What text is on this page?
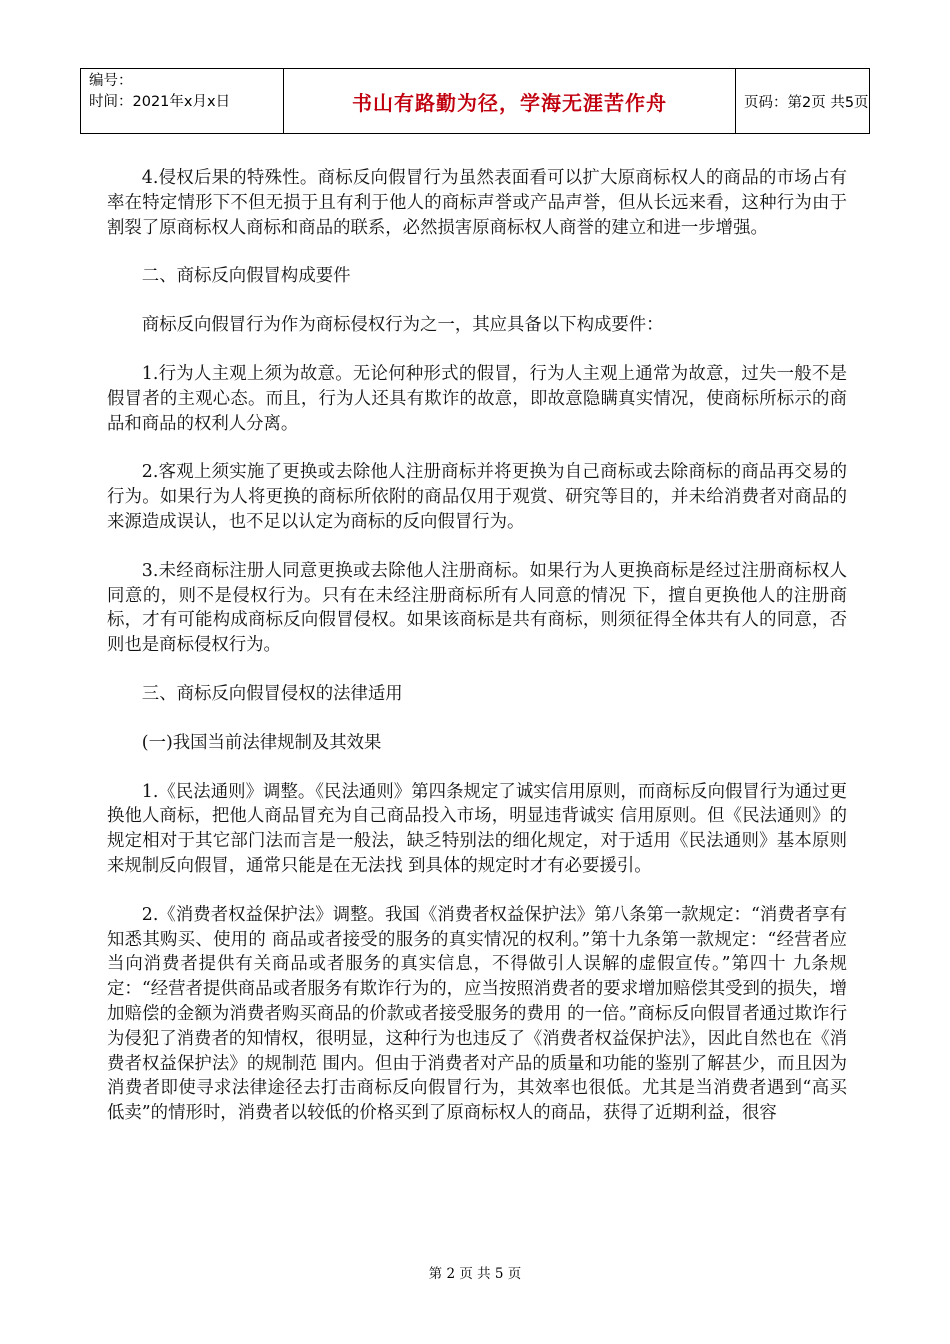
编号：
时间：2021年x月x日	书山有路勤为径，学海无涯苦作舟	页码：第2页 共5页

4.侵权后果的特殊性。商标反向假冒行为虽然表面看可以扩大原商标权人的商品的市场占有率在特定情形下不但无损于且有利于他人的商标声誉或产品声誉，但从长远来看，这种行为由于割裂了原商标权人商标和商品的联系，必然损害原商标权人商誉的建立和进一步增强。

二、商标反向假冒构成要件

商标反向假冒行为作为商标侵权行为之一，其应具备以下构成要件：

1.行为人主观上须为故意。无论何种形式的假冒，行为人主观上通常为故意，过失一般不是假冒者的主观心态。而且，行为人还具有欺诈的故意，即故意隐瞒真实情况，使商标所标示的商品和商品的权利人分离。

2.客观上须实施了更换或去除他人注册商标并将更换为自己商标或去除商标的商品再交易的行为。如果行为人将更换的商标所依附的商品仅用于观赏、研究等目的，并未给消费者对商品的来源造成误认，也不足以认定为商标的反向假冒行为。

3.未经商标注册人同意更换或去除他人注册商标。如果行为人更换商标是经过注册商标权人同意的，则不是侵权行为。只有在未经注册商标所有人同意的情况 下，擅自更换他人的注册商标，才有可能构成商标反向假冒侵权。如果该商标是共有商标，则须征得全体共有人的同意，否则也是商标侵权行为。

三、商标反向假冒侵权的法律适用

(一)我国当前法律规制及其效果

1.《民法通则》调整。《民法通则》第四条规定了诚实信用原则，而商标反向假冒行为通过更换他人商标，把他人商品冒充为自己商品投入市场，明显违背诚实 信用原则。但《民法通则》的规定相对于其它部门法而言是一般法，缺乏特别法的细化规定，对于适用《民法通则》基本原则来规制反向假冒，通常只能是在无法找 到具体的规定时才有必要援引。

2.《消费者权益保护法》调整。我国《消费者权益保护法》第八条第一款规定：“消费者享有知悉其购买、使用的 商品或者接受的服务的真实情况的权利。”第十九条第一款规定：“经营者应当向消费者提供有关商品或者服务的真实信息，不得做引人误解的虚假宣传。”第四十 九条规定：“经营者提供商品或者服务有欺诈行为的，应当按照消费者的要求增加赔偿其受到的损失，增加赔偿的金额为消费者购买商品的价款或者接受服务的费用 的一倍。”商标反向假冒者通过欺诈行为侵犯了消费者的知情权，很明显，这种行为也违反了《消费者权益保护法》，因此自然也在《消费者权益保护法》的规制范 围内。但由于消费者对产品的质量和功能的鉴别了解甚少，而且因为消费者即使寻求法律途径去打击商标反向假冒行为，其效率也很低。尤其是当消费者遇到“高买 低卖”的情形时，消费者以较低的价格买到了原商标权人的商品，获得了近期利益，很容

第 2 页 共 5 页
